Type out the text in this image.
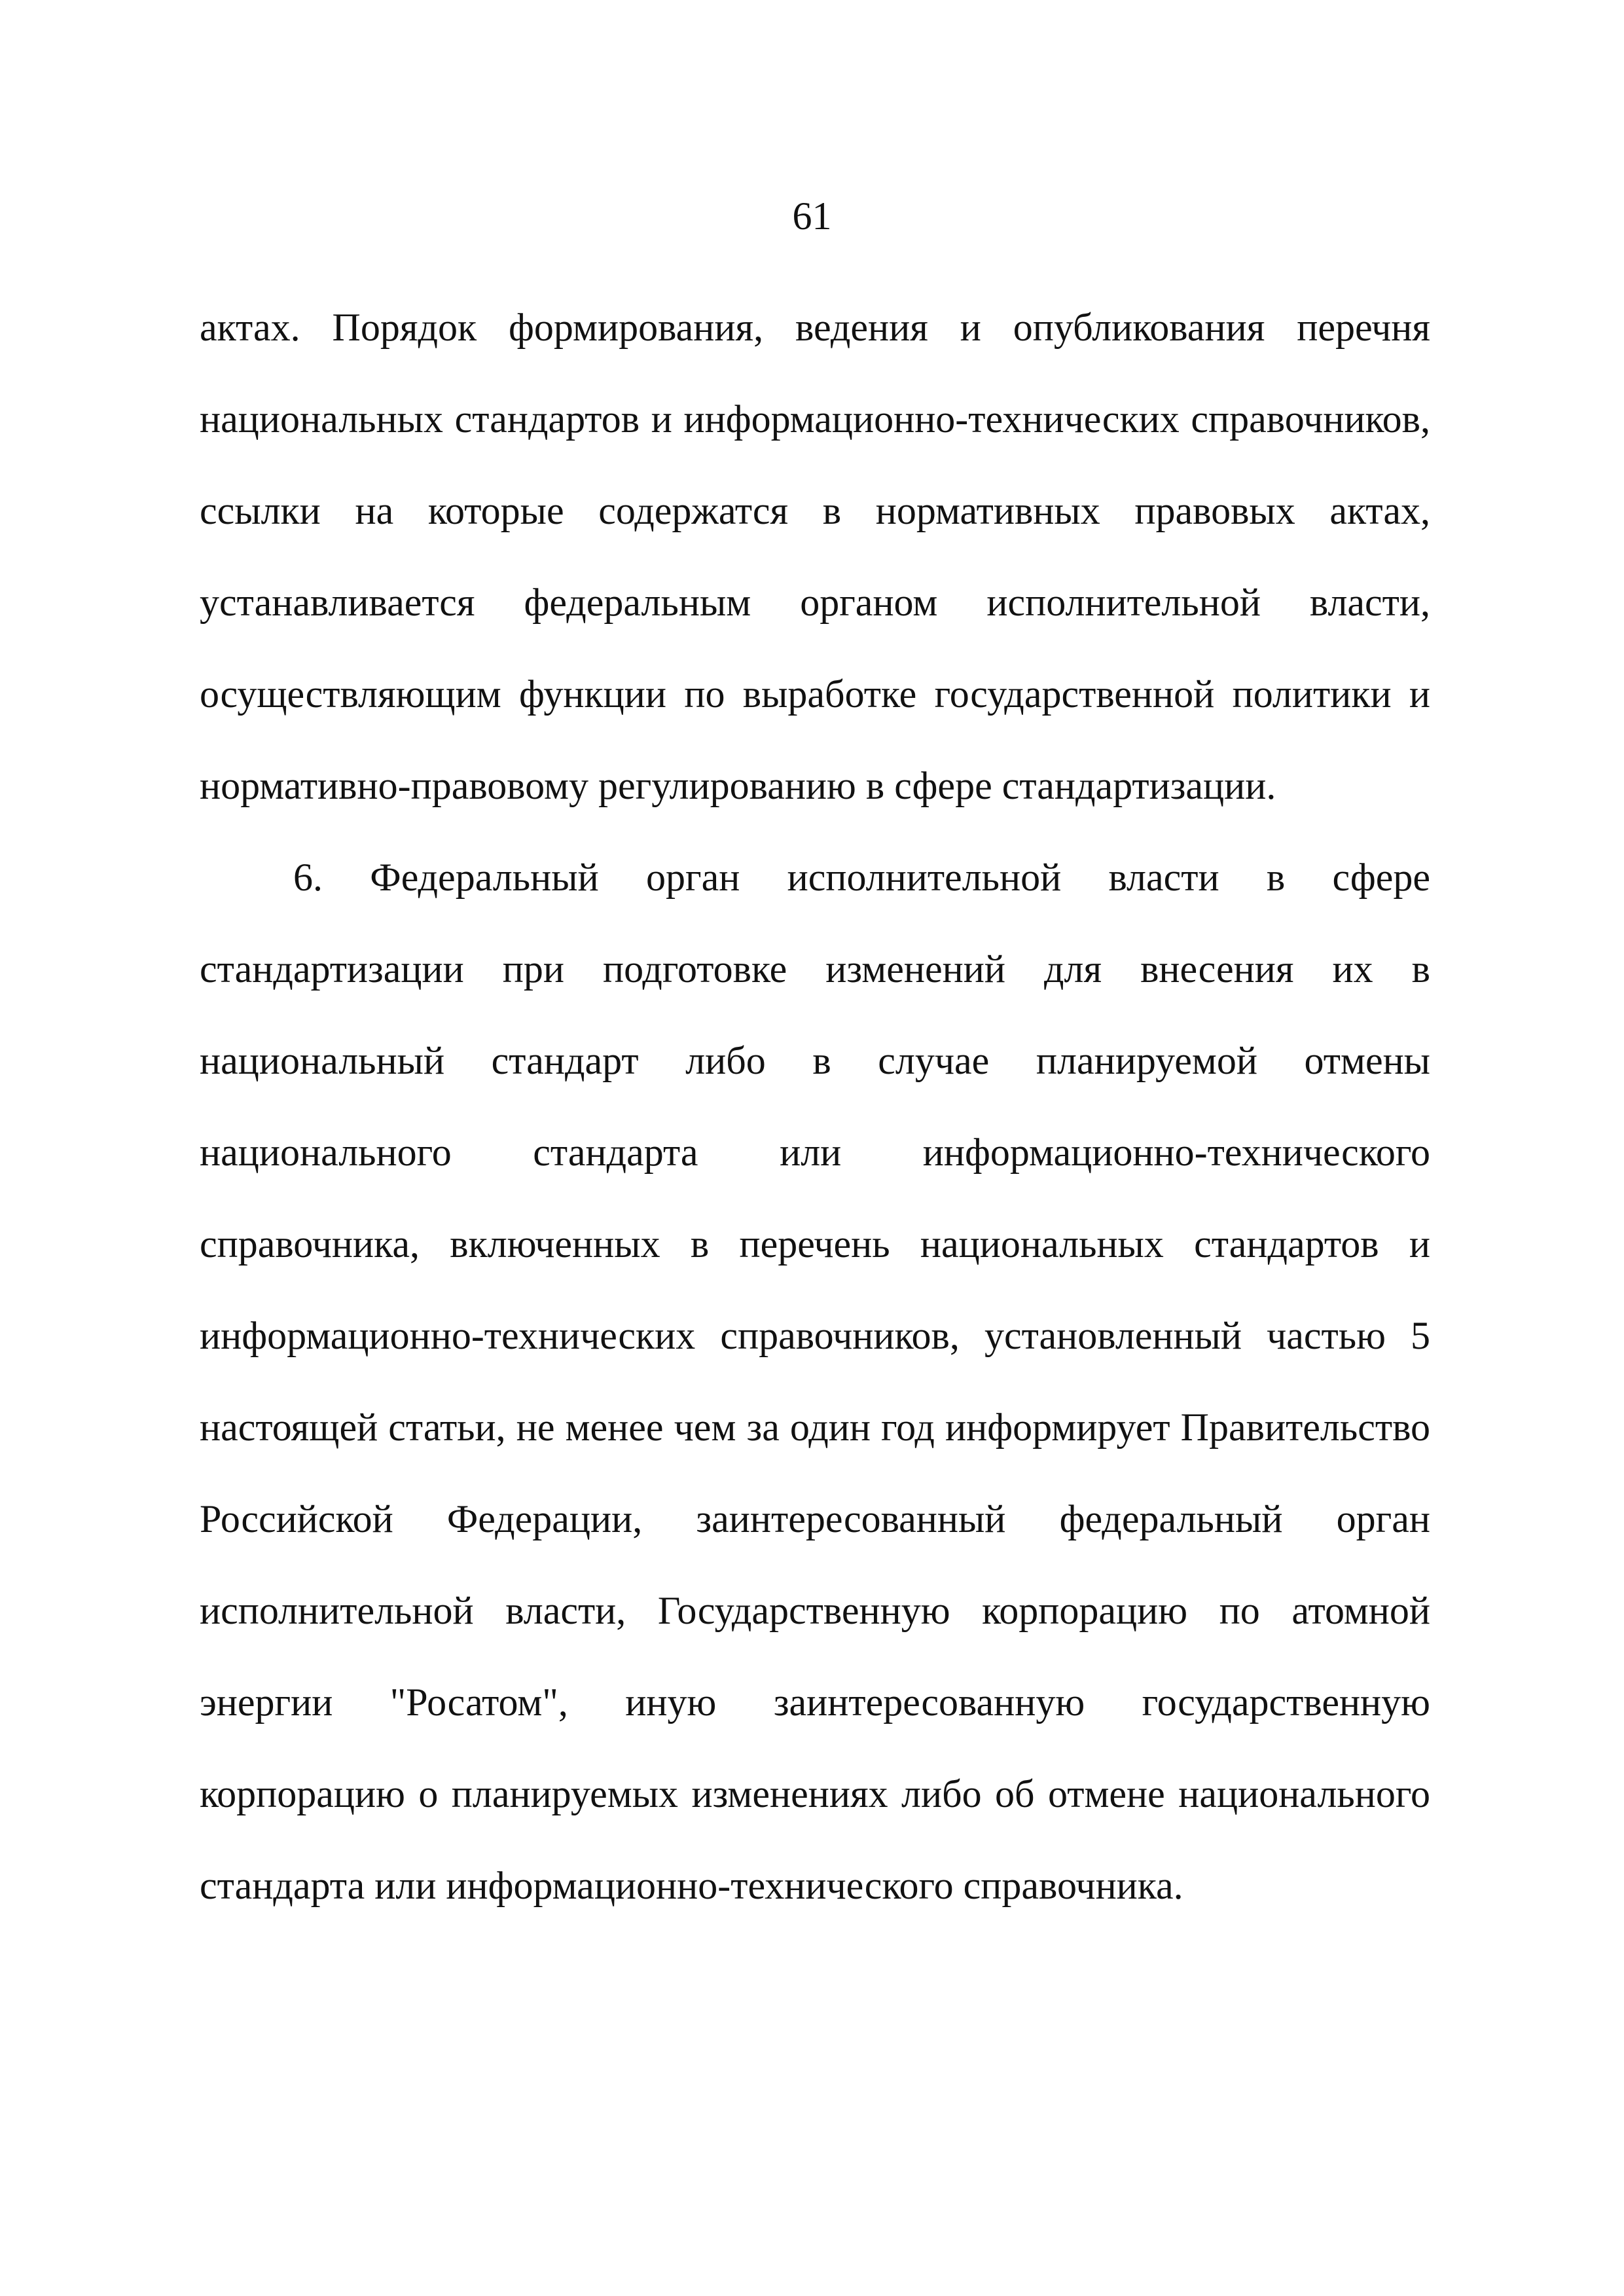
61

актах. Порядок формирования, ведения и опубликования перечня национальных стандартов и информационно-технических справочников, ссылки на которые содержатся в нормативных правовых актах, устанавливается федеральным органом исполнительной власти, осуществляющим функции по выработке государственной политики и нормативно-правовому регулированию в сфере стандартизации.

6. Федеральный орган исполнительной власти в сфере стандартизации при подготовке изменений для внесения их в национальный стандарт либо в случае планируемой отмены национального стандарта или информационно-технического справочника, включенных в перечень национальных стандартов и информационно-технических справочников, установленный частью 5 настоящей статьи, не менее чем за один год информирует Правительство Российской Федерации, заинтересованный федеральный орган исполнительной власти, Государственную корпорацию по атомной энергии "Росатом", иную заинтересованную государственную корпорацию о планируемых изменениях либо об отмене национального стандарта или информационно-технического справочника.
